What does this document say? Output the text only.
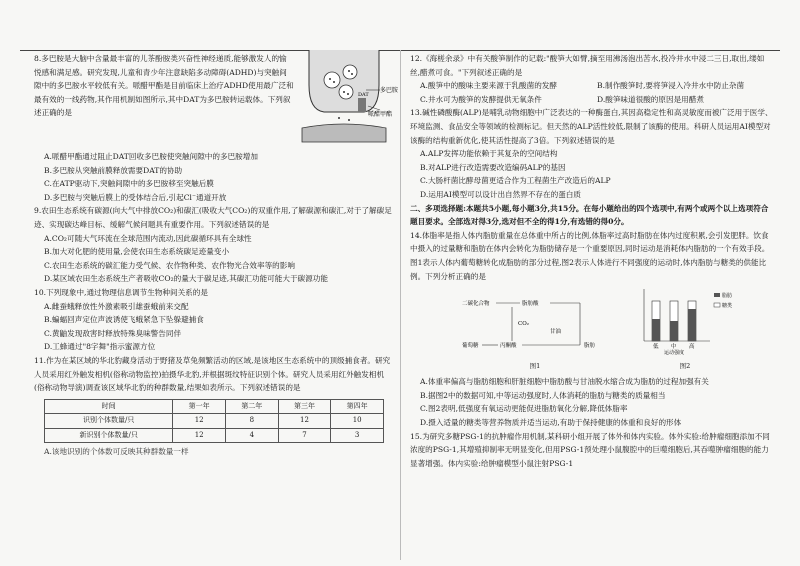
8.多巴胺是大脑中含量最丰富的儿茶酚胺类兴奋性神经递质,能够激发人的愉悦感和满足感。研究发现,儿童和青少年注意缺陷多动障碍(ADHD)与突触间隙中的多巴胺水平较低有关。哌醋甲酯是目前临床上治疗ADHD使用最广泛和最有效的一线药物,其作用机制如图所示,其中DAT为多巴胺转运载体。下列叙述正确的是

多巴胺
哌醋甲酯
DAT

A.哌醋甲酯通过阻止DAT回收多巴胺使突触间隙中的多巴胺增加

B.多巴胺从突触前膜释放需要DAT的协助

C.在ATP驱动下,突触间隙中的多巴胺移至突触后膜

D.多巴胺与突触后膜上的受体结合后,引起Cl⁻通道开放

9.农田生态系统有碳源(向大气中排放CO₂)和碳汇(吸收大气CO₂)的双重作用,了解碳源和碳汇,对于了解碳足迹、实现碳达峰目标、缓解气候问题具有重要作用。下列叙述错误的是

A.CO₂可随大气环流在全球范围内流动,因此碳循环具有全球性

B.加大对化肥的使用量,会使农田生态系统碳足迹量变小

C.农田生态系统的碳汇能力受气候、农作物种类、农作物光合效率等的影响

D.某区域农田生态系统生产者吸收CO₂的量大于碳足迹,其碳汇功能可能大于碳源功能

10.下列现象中,通过物理信息调节生物种间关系的是

A.雌蚕蛾释放性外激素吸引雄蚕蛾前来交配

B.蝙蝠回声定位声波诱使飞蛾紧急下坠躲避捕食

C.黄鼬发现敌害时释放特殊臭味警告同伴

D.工蜂通过"8字舞"指示蜜源方位

11.作为在某区域的华北豹藏身活动于野猪及草兔频繁活动的区域,是该地区生态系统中的顶级捕食者。研究人员采用红外触发相机(俗称动物监控)拍摄华北豹,并根据斑纹特征识别个体。研究人员采用红外触发相机(俗称动物导演)调查该区域华北豹的种群数量,结果如表所示。下列叙述错误的是

时间	第一年	第二年	第三年	第四年
识别个体数量/只	12	8	12	10
新识别个体数量/只	12	4	7	3

A.该地识别的个体数可反映其种群数量一样

12.《海槎余录》中有关酸笋制作的记载:"酸笋大如臂,摘至用沸汤泡出苦水,投冷井水中浸二三日,取出,缕如丝,醋煮可食。"下列叙述正确的是

A.酸笋中的酸味主要来源于乳酸菌的发酵	B.制作酸笋时,要将笋浸入冷井水中防止杂菌
C.井水可为酸笋的发酵提供无氧条件	D.酸笋味道很酸的原因是用醋煮

13.碱性磷酸酶(ALP)是哺乳动物细胞中广泛表达的一种酶蛋白,其因高稳定性和高灵敏度而被广泛用于医学、环境监测、食品安全等领域的检测标记。但天然的ALP活性较低,限制了该酶的使用。科研人员运用AI模型对该酶的结构重新优化,使其活性提高了3倍。下列叙述错误的是

A.ALP发挥功能依赖于其复杂的空间结构

B.对ALP进行改造需要改造编码ALP的基因

C.大肠杆菌比酵母菌更适合作为工程菌生产改造后的ALP

D.运用AI模型可以设计出自然界不存在的蛋白质

二、多项选择题:本题共5小题,每小题3分,共15分。在每小题给出的四个选项中,有两个或两个以上选项符合题目要求。全部选对得3分,选对但不全的得1分,有选错的得0分。

14.体脂率是指人体内脂肪重量在总体重中所占的比例,体脂率过高时脂肪在体内过度积累,会引发肥胖。饮食中摄入的过量糖和脂肪在体内会转化为脂肪储存是一个重要原因,同时运动是消耗体内脂肪的一个有效手段。图1表示人体内葡萄糖转化成脂肪的部分过程,图2表示人体进行不同强度的运动时,体内脂肪与糖类的供能比例。下列分析正确的是

二碳化合物	脂肪酸
CO₂
葡萄糖	丙酮酸
甘油
脂肪
图1
低 中 高
运动强度
脂肪
糖类
图2

A.体重率偏高与脂肪细胞和肝脏细胞中脂肪酸与甘油脱水缩合成为脂肪的过程加强有关

B.据图2中的数据可知,中等运动强度时,人体消耗的脂肪与糖类的质量相当

C.图2表明,低强度有氧运动更能促进脂肪氧化分解,降低体脂率

D.摄入适量的糖类等营养物质并适当运动,有助于保持健康的体重和良好的形体

15.为研究多糖PSG-1的抗肿瘤作用机制,某科研小组开展了体外和体内实验。体外实验:给肿瘤细胞添加不同浓度的PSG-1,其增殖抑制率无明显变化,但用PSG-1预处理小鼠腹腔中的巨噬细胞后,其吞噬肿瘤细胞的能力显著增强。体内实验:给肿瘤模型小鼠注射PSG-1
